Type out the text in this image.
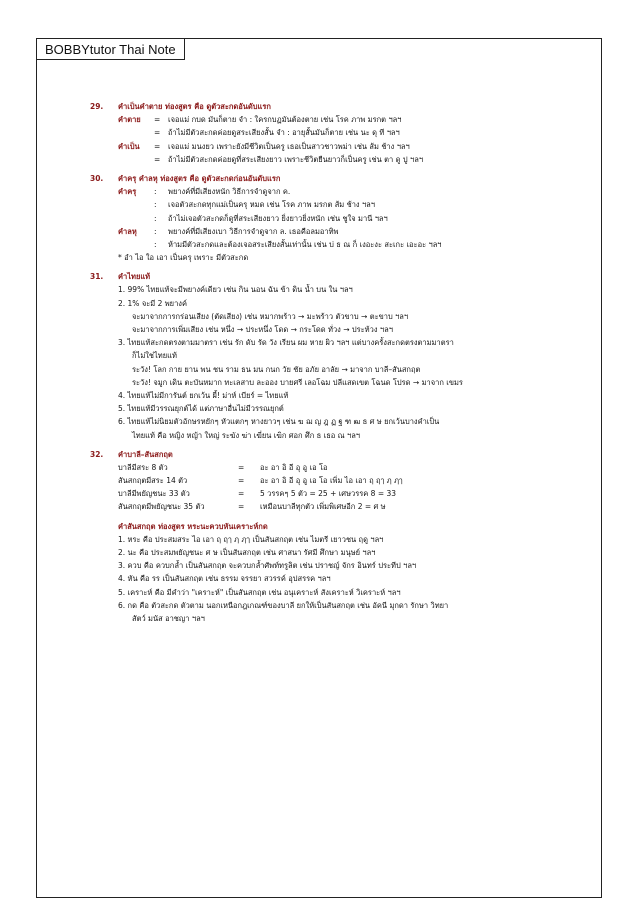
BOBBYtutor Thai Note
29. คำเป็นคำตาย ท่องสูตร คือ ดูตัวสะกดอันดับแรก
คำตาย = เจอแม่ กบด มันก็ตาย จำ : ใครกบฏมันต้องตาย เช่น โรค ภาพ มรกต ฯลฯ
= ถ้าไม่มีตัวสะกดค่อยดูสระเสียงสั้น จำ : อายุสั้นมันก็ตาย เช่น นะ ดุ ที ฯลฯ
คำเป็น = เจอแม่ มนงยว เพราะยังมีชีวิตเป็นครู เธอเป็นสาวชาวพม่า เช่น ส้ม ช้าง ฯลฯ
= ถ้าไม่มีตัวสะกดค่อยดูที่สระเสียงยาว เพราะชีวิตยืนยาวก็เป็นครู เช่น ตา ดู ปู ฯลฯ
30. คำครุ คำลหุ ท่องสูตร คือ ดูตัวสะกดก่อนอันดับแรก
คำครุ : พยางค์ที่มีเสียงหนัก วิธีการจำดูจาก ค.
: เจอตัวสะกดทุกแม่เป็นครุ หมด เช่น โรค ภาพ มรกต ส้ม ช้าง ฯลฯ
: ถ้าไม่เจอตัวสะกดก็ดูที่สระเสียงยาว ยิ่งยาวยิ่งหนัก เช่น ชูใจ มานี ฯลฯ
คำลหุ : พยางค์ที่มีเสียงเบา วิธีการจำดูจาก ล. เธอคือลมอาทิพ
: ห้ามมีตัวสะกดและต้องเจอสระเสียงสั้นเท่านั้น เช่น บ่ ธ ณ ก็ เงอะงะ สะเกะ เอะอะ ฯลฯ
* อำ ไอ ใอ เอา เป็นครุ เพราะ มีตัวสะกด
31. คำไทยแท้
1. 99% ไทยแท้จะมีพยางค์เดียว เช่น กิน นอน ฉัน ข้า ดิน น้ำ บน ใน ฯลฯ
2. 1% จะมี 2 พยางค์
จะมาจากการกร่อนเสียง (ตัดเสียง) เช่น หมากพร้าว → มะพร้าว ตัวขาบ → ตะขาบ ฯลฯ
จะมาจากการเพิ่มเสียง เช่น หนึ่ง → ประหนึ่ง โดด → กระโดด ทั่วง → ประท้วง ฯลฯ
3. ไทยแท้สะกดตรงตามมาตรา เช่น รัก ดับ รัด วัง เรียน ผม หาย ผิว ฯลฯ แต่บางครั้งสะกดตรงตามมาตรา
ก็ไม่ใช่ไทยแท้
ระวัง! โลก กาย ยาน พน ชน ราม ธน มน กนก วัย ชัย อภัย อาลัย → มาจาก บาลี–สันสกฤต
ระวัง! จมูก เดิน ตะบันหมาก ทะเลสาบ ละออง บายศรี เลอโฉม ปลีแสดเขต โฉนด โปรด → มาจาก เขมร
4. ไทยแท้ไม่มีการันต์ ยกเว้น ผี้! ม่าห์ เบียร์ = ไทยแท้
5. ไทยแท้มีวรรณยุกต์ได้ แต่ภาษาอื่นไม่มีวรรณยุกต์
6. ไทยแท้ไม่นิยมตัวอักษรหยักๆ หัวแตกๆ หางยาวๆ เช่น ฆ ฌ ญ ฎ ฏ ฐ ฑ ฒ ธ ศ ษ ยกเว้นบางคำเป็น
ไทยแท้ คือ หญิง หญ้า ใหญ่ ระฆัง ฆ่า เฆี่ยน เฆิก ศอก ศึก ธ เธอ ณ ฯลฯ
32. คำบาลี–สันสกฤต
บาลีมีสระ 8 ตัว	= อะ อา อิ อี อุ อู เอ โอ
สันสกฤตมีสระ 14 ตัว	= อะ อา อิ อี อุ อู เอ โอ เพิ่ม ไอ เอา ฤ ฤๅ ฦ ฦๅ
บาลีมีพยัญชนะ 33 ตัว	= 5 วรรคๆ 5 ตัว = 25 + เศษวรรค 8 = 33
สันสกฤตมีพยัญชนะ 35 ตัว	= เหมือนบาลีทุกตัว เพิ่มพิเศษอีก 2 = ศ ษ
คำสันสกฤต ท่องสูตร หระนะควบหันเคราะห์กด
1. หระ คือ ประสมสระ ไอ เอา ฤ ฤๅ ฦ ฦๅ เป็นสันสกฤต เช่น ไมตรี เยาวชน ฤดู ฯลฯ
2. นะ คือ ประสมพยัญชนะ ศ ษ เป็นสันสกฤต เช่น ศาสนา รัศมี ศึกษา มนุษย์ ฯลฯ
3. ควบ คือ ควบกล้ำ เป็นสันสกฤต จะควบกล้ำศัพท์ทรูลิต เช่น ปราชญ์ จักร อินทร์ ประทีป ฯลฯ
4. หัน คือ รร เป็นสันสกฤต เช่น ธรรม จรรยา สวรรค์ อุปสรรค ฯลฯ
5. เคราะห์ คือ มีคำว่า "เคราะห์" เป็นสันสกฤต เช่น อนุเคราะห์ สังเคราะห์ วิเคราะห์ ฯลฯ
6. กด คือ ตัวสะกด ตัวตาม นอกเหนือกฎเกณฑ์ของบาลี ยกให้เป็นสันสกฤต เช่น อัคนี มุกดา รักษา วิทยา
สัตว์ มนัส อาชญา ฯลฯ
